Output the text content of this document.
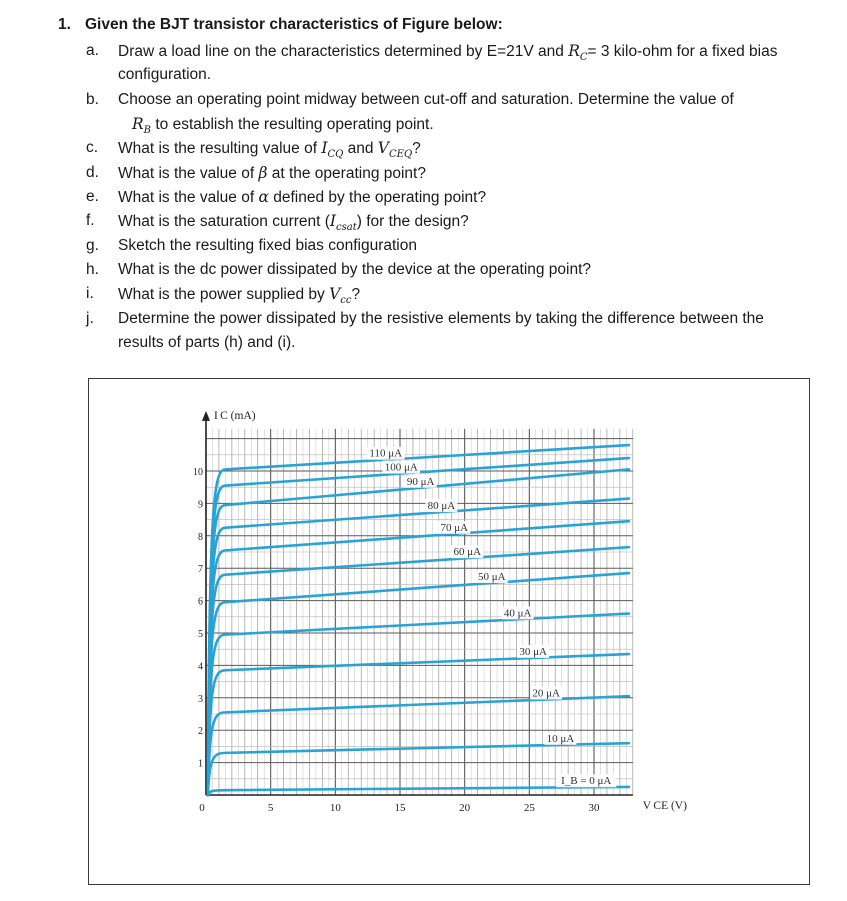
1. Given the BJT transistor characteristics of Figure below:
a. Draw a load line on the characteristics determined by E=21V and $R_C= 3$ kilo-ohm for a fixed bias
configuration.
b. Choose an operating point midway between cut-off and saturation. Determine the value of
$R_B$ to establish the resulting operating point.
c. What is the resulting value of $I_{CQ}$ and $V_{CEQ}$?
d. What is the value of β at the operating point?
e. What is the value of α defined by the operating point?
f. What is the saturation current $(I_{csat})$ for the design?
g. Sketch the resulting fixed bias configuration
h. What is the dc power dissipated by the device at the operating point?
i. What is the power supplied by $V_{cc}$?
j. Determine the power dissipated by the resistive elements by taking the difference between the
results of parts (h) and (i).
0	5	10	15	20	25	30
1
2
3
4
5
6
7
8
9
10
I C (mA)
V CE (V)
I_B = 0 μA
10 μA
20 μA
30 μA
40 μA
50 μA
60 μA
70 μA
80 μA
90 μA
100 μA
110 μA
